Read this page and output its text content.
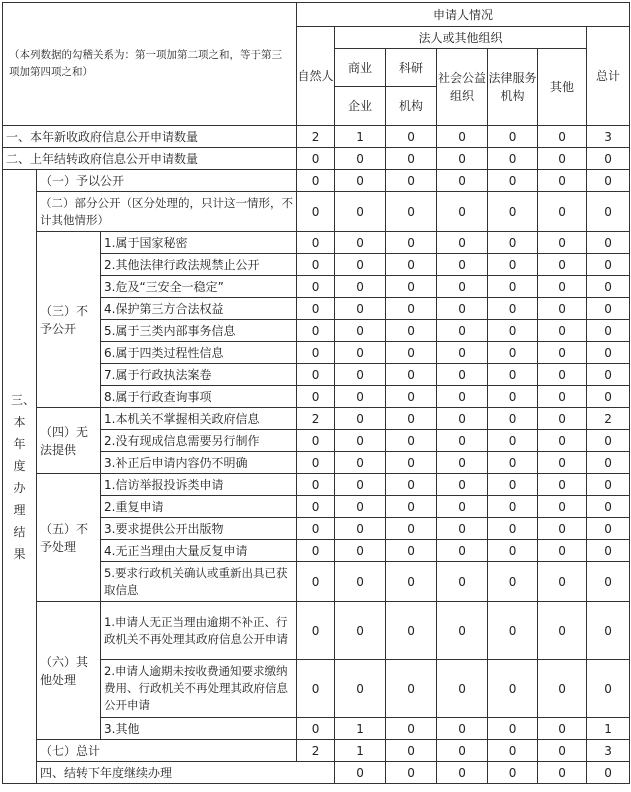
（本列数据的勾稽关系为：第一项加第二项之和，等于第三项加第四项之和）			申请人情况							
			自然人	法人或其他组织					总计	
				商业	科研	社会公益组织	法律服务机构	其他		
				企业	机构					

一、本年新收政府信息公开申请数量			2	1	0	0	0	0	3	
二、上年结转政府信息公开申请数量			0	0	0	0	0	0	0	
三、本年度办理结果	（一）予以公开		0	0	0	0	0	0	0	
	（二）部分公开（区分处理的，只计这一情形，不计其他情形）		0	0	0	0	0	0	0	
	（三）不予公开	1.属于国家秘密	0	0	0	0	0	0	0	
		2.其他法律行政法规禁止公开	0	0	0	0	0	0	0	
		3.危及“三安全一稳定”	0	0	0	0	0	0	0	
		4.保护第三方合法权益	0	0	0	0	0	0	0	
		5.属于三类内部事务信息	0	0	0	0	0	0	0	
		6.属于四类过程性信息	0	0	0	0	0	0	0	
		7.属于行政执法案卷	0	0	0	0	0	0	0	
		8.属于行政查询事项	0	0	0	0	0	0	0	
	（四）无法提供	1.本机关不掌握相关政府信息	2	0	0	0	0	0	2	
		2.没有现成信息需要另行制作	0	0	0	0	0	0	0	
		3.补正后申请内容仍不明确	0	0	0	0	0	0	0	
	（五）不予处理	1.信访举报投诉类申请	0	0	0	0	0	0	0	
		2.重复申请	0	0	0	0	0	0	0	
		3.要求提供公开出版物	0	0	0	0	0	0	0	
		4.无正当理由大量反复申请	0	0	0	0	0	0	0	
		5.要求行政机关确认或重新出具已获取信息	0	0	0	0	0	0	0	
	（六）其他处理	1.申请人无正当理由逾期不补正、行政机关不再处理其政府信息公开申请	0	0	0	0	0	0	0	
		2.申请人逾期未按收费通知要求缴纳费用、行政机关不再处理其政府信息公开申请	0	0	0	0	0	0	0	
		3.其他	0	1	0	0	0	0	1	
	（七）总计		2	1	0	0	0	0	3	
	四、结转下年度继续办理			0	0	0	0	0	0	
